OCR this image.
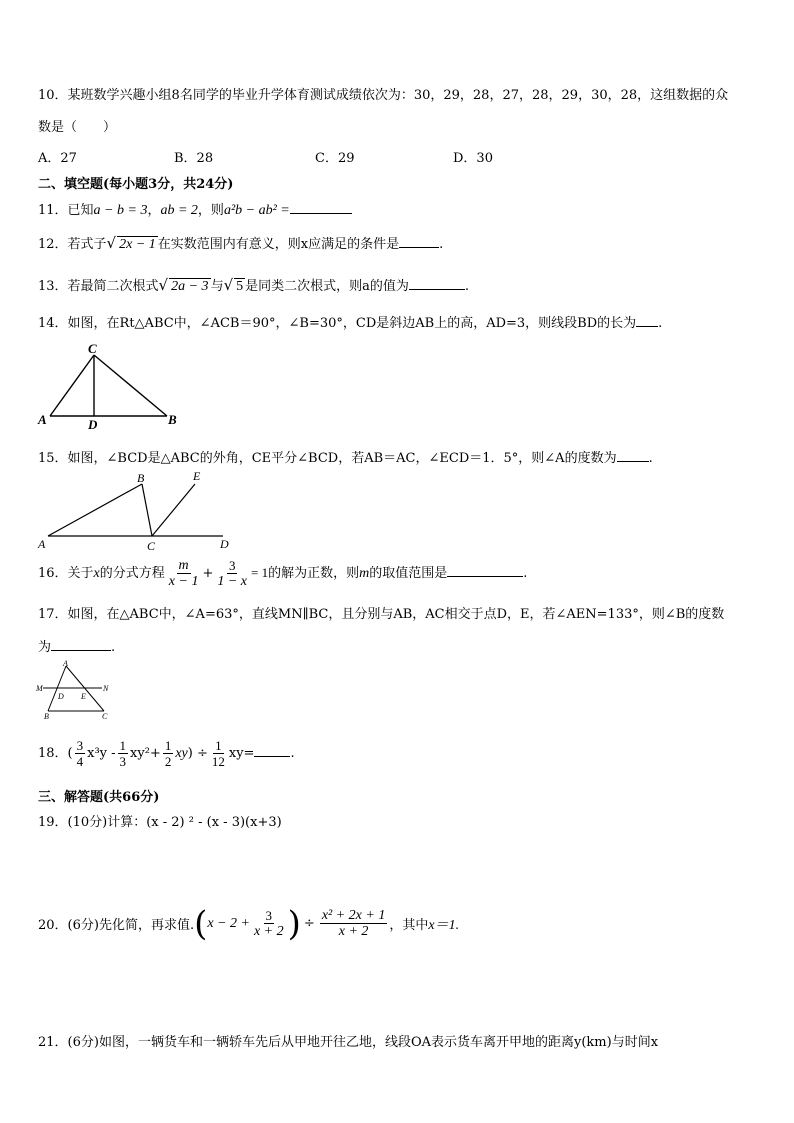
10．某班数学兴趣小组8名同学的毕业升学体育测试成绩依次为：30，29，28，27，28，29，30，28，这组数据的众
数是（　　）
A．27	B．28	C．29	D．30
二、填空题(每小题3分，共24分)
11．已知a − b = 3，ab = 2，则a²b − ab² =
12．若式子√ 2x − 1 在实数范围内有意义，则x应满足的条件是	.
13．若最简二次根式√ 2a − 3 与√ 5 是同类二次根式，则a的值为	.
14．如图，在Rt△ABC中，∠ACB＝90°，∠B=30°，CD是斜边AB上的高，AD=3，则线段BD的长为 .
C
A	D	B
15．如图，∠BCD是△ABC的外角，CE平分∠BCD，若AB＝AC，∠ECD＝1．5°，则∠A的度数为 .
B	E
A	C	D
16．关于x的分式方程 $\frac{m}{x - 1} + \frac{3}{1 - x} = 1$的解为正数，则m的取值范围是	.
17．如图，在△ABC中，∠A=63°，直线MN∥BC，且分别与AB，AC相交于点D，E，若∠AEN=133°，则∠B的度数
为	.
A
M	N
D E
B	C
18．( $\frac{3}{4} x^3y - \frac{1}{3} xy^2+ \frac{1}{2} xy) \div \frac{1}{12} xy=$	.
三、解答题(共66分)
19．(10分)计算：(x - 2) ² - (x - 3)(x+3)
20．(6分)先化简，再求值. ( $x - 2 + \frac{3}{x + 2}$ ) ÷ $\frac{\text{x² + 2x + 1}}{x + 2}$ ，其中 x＝1.
21．(6分)如图，一辆货车和一辆轿车先后从甲地开往乙地，线段OA表示货车离开甲地的距离y(km)与时间x
